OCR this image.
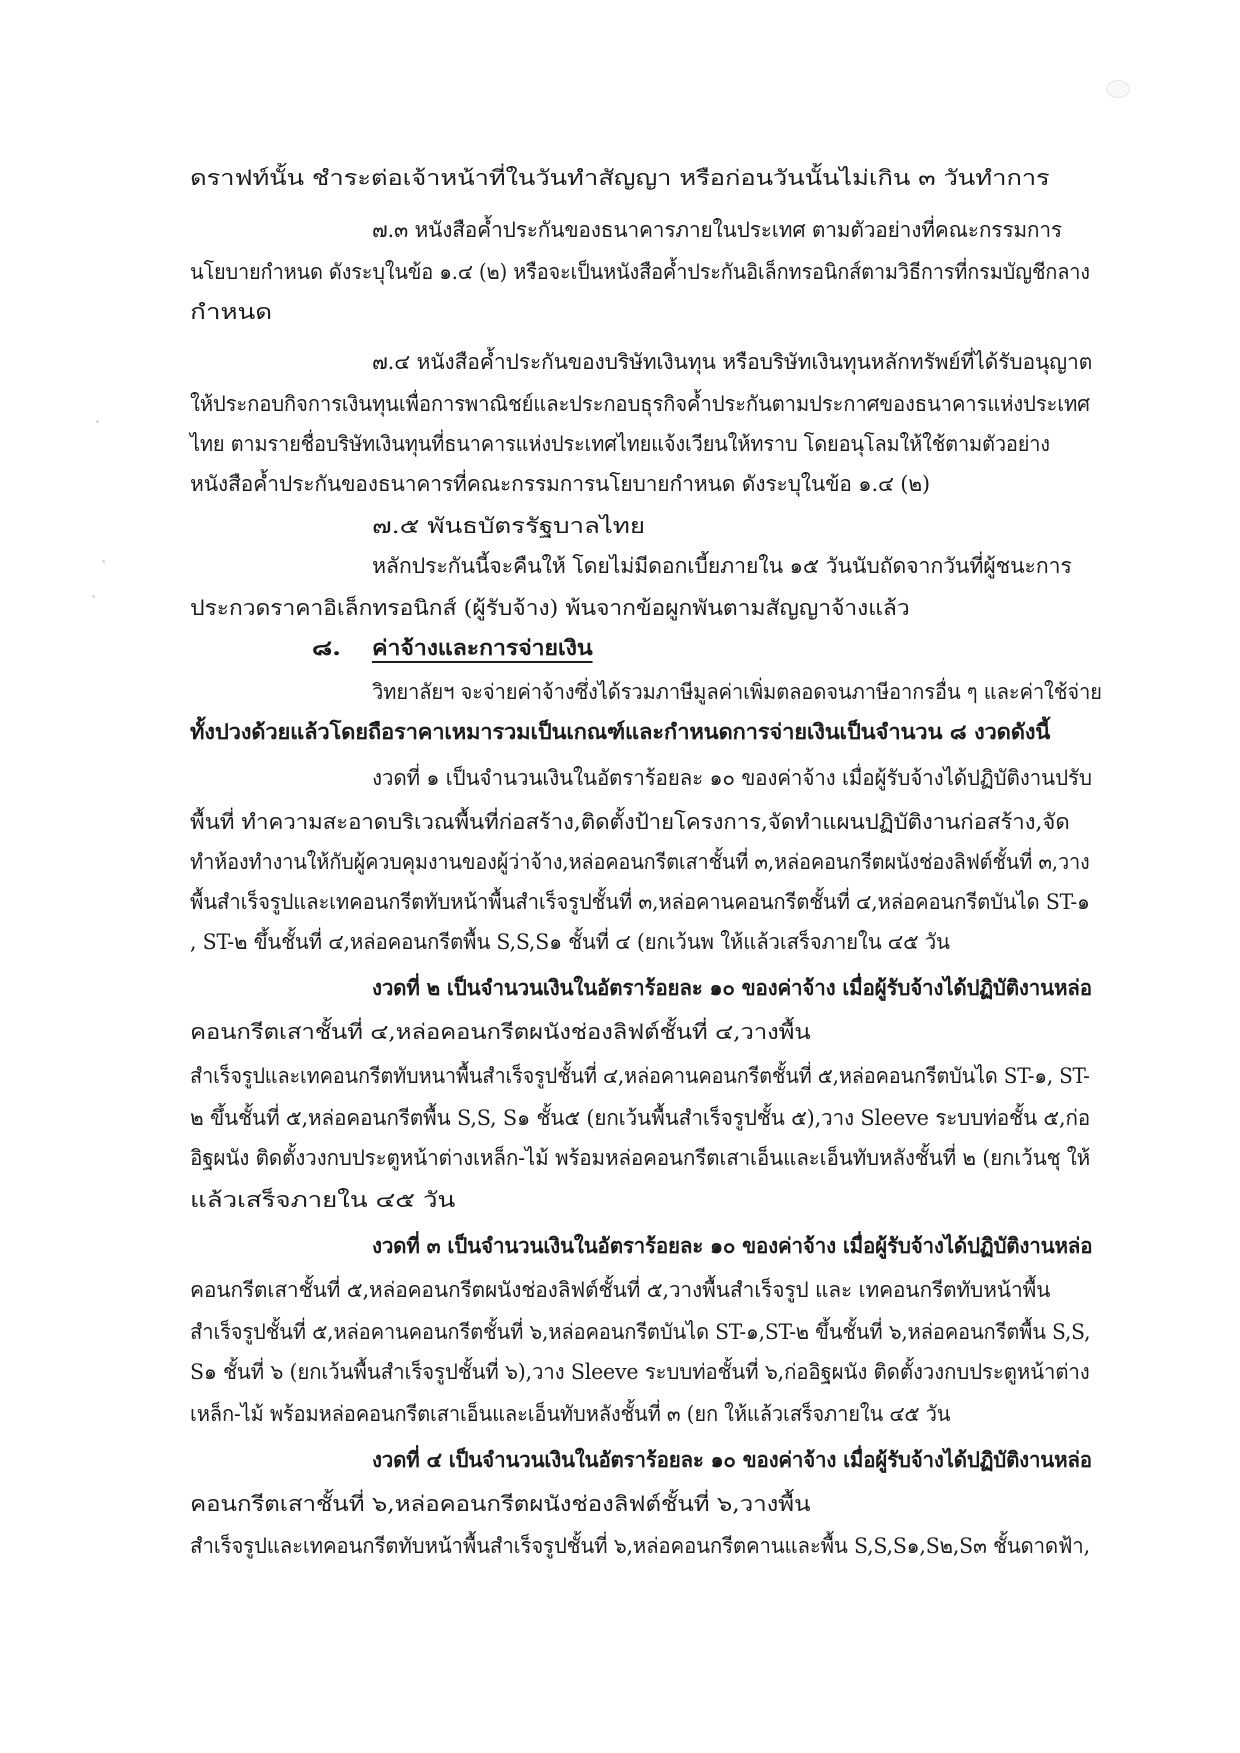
ดราฟท์นั้น ชำระต่อเจ้าหน้าที่ในวันทำสัญญา หรือก่อนวันนั้นไม่เกิน ๓ วันทำการ
๗.๓ หนังสือค้ำประกันของธนาคารภายในประเทศ ตามตัวอย่างที่คณะกรรมการ
นโยบายกำหนด ดังระบุในข้อ ๑.๔ (๒) หรือจะเป็นหนังสือค้ำประกันอิเล็กทรอนิกส์ตามวิธีการที่กรมบัญชีกลาง
กำหนด
๗.๔ หนังสือค้ำประกันของบริษัทเงินทุน หรือบริษัทเงินทุนหลักทรัพย์ที่ได้รับอนุญาต
ให้ประกอบกิจการเงินทุนเพื่อการพาณิชย์และประกอบธุรกิจค้ำประกันตามประกาศของธนาคารแห่งประเทศ
ไทย ตามรายชื่อบริษัทเงินทุนที่ธนาคารแห่งประเทศไทยแจ้งเวียนให้ทราบ โดยอนุโลมให้ใช้ตามตัวอย่าง
หนังสือค้ำประกันของธนาคารที่คณะกรรมการนโยบายกำหนด ดังระบุในข้อ ๑.๔ (๒)
๗.๕ พันธบัตรรัฐบาลไทย
หลักประกันนี้จะคืนให้ โดยไม่มีดอกเบี้ยภายใน ๑๕ วันนับถัดจากวันที่ผู้ชนะการ
ประกวดราคาอิเล็กทรอนิกส์ (ผู้รับจ้าง) พ้นจากข้อผูกพันตามสัญญาจ้างแล้ว
๘. ค่าจ้างและการจ่ายเงิน
วิทยาลัยฯ จะจ่ายค่าจ้างซึ่งได้รวมภาษีมูลค่าเพิ่มตลอดจนภาษีอากรอื่น ๆ และค่าใช้จ่าย
ทั้งปวงด้วยแล้วโดยถือราคาเหมารวมเป็นเกณฑ์และกำหนดการจ่ายเงินเป็นจำนวน ๘ งวดดังนี้
งวดที่ ๑ เป็นจำนวนเงินในอัตราร้อยละ ๑๐ ของค่าจ้าง เมื่อผู้รับจ้างได้ปฏิบัติงานปรับ
พื้นที่ ทำความสะอาดบริเวณพื้นที่ก่อสร้าง,ติดตั้งป้ายโครงการ,จัดทำแผนปฏิบัติงานก่อสร้าง,จัด
ทำห้องทำงานให้กับผู้ควบคุมงานของผู้ว่าจ้าง,หล่อคอนกรีตเสาชั้นที่ ๓,หล่อคอนกรีตผนังช่องลิฟต์ชั้นที่ ๓,วาง
พื้นสำเร็จรูปและเทคอนกรีตทับหน้าพื้นสำเร็จรูปชั้นที่ ๓,หล่อคานคอนกรีตชั้นที่ ๔,หล่อคอนกรีตบันได ST-๑
, ST-๒ ขึ้นชั้นที่ ๔,หล่อคอนกรีตพื้น S,S,S๑ ชั้นที่ ๔ (ยกเว้นพ ให้แล้วเสร็จภายใน ๔๕ วัน
งวดที่ ๒ เป็นจำนวนเงินในอัตราร้อยละ ๑๐ ของค่าจ้าง เมื่อผู้รับจ้างได้ปฏิบัติงานหล่อ
คอนกรีตเสาชั้นที่ ๔,หล่อคอนกรีตผนังช่องลิฟต์ชั้นที่ ๔,วางพื้น
สำเร็จรูปและเทคอนกรีตทับหนาพื้นสำเร็จรูปชั้นที่ ๔,หล่อคานคอนกรีตชั้นที่ ๕,หล่อคอนกรีตบันได ST-๑, ST-
๒ ขึ้นชั้นที่ ๕,หล่อคอนกรีตพื้น S,S, S๑ ชั้น๕ (ยกเว้นพื้นสำเร็จรูปชั้น ๕),วาง Sleeve ระบบท่อชั้น ๕,ก่อ
อิฐผนัง ติดตั้งวงกบประตูหน้าต่างเหล็ก-ไม้ พร้อมหล่อคอนกรีตเสาเอ็นและเอ็นทับหลังชั้นที่ ๒ (ยกเว้นชุ ให้
แล้วเสร็จภายใน ๔๕ วัน
งวดที่ ๓ เป็นจำนวนเงินในอัตราร้อยละ ๑๐ ของค่าจ้าง เมื่อผู้รับจ้างได้ปฏิบัติงานหล่อ
คอนกรีตเสาชั้นที่ ๕,หล่อคอนกรีตผนังช่องลิฟต์ชั้นที่ ๕,วางพื้นสำเร็จรูป และ เทคอนกรีตทับหน้าพื้น
สำเร็จรูปชั้นที่ ๕,หล่อคานคอนกรีตชั้นที่ ๖,หล่อคอนกรีตบันได ST-๑,ST-๒ ขึ้นชั้นที่ ๖,หล่อคอนกรีตพื้น S,S,
S๑ ชั้นที่ ๖ (ยกเว้นพื้นสำเร็จรูปชั้นที่ ๖),วาง Sleeve ระบบท่อชั้นที่ ๖,ก่ออิฐผนัง ติดตั้งวงกบประตูหน้าต่าง
เหล็ก-ไม้ พร้อมหล่อคอนกรีตเสาเอ็นและเอ็นทับหลังชั้นที่ ๓ (ยก ให้แล้วเสร็จภายใน ๔๕ วัน
งวดที่ ๔ เป็นจำนวนเงินในอัตราร้อยละ ๑๐ ของค่าจ้าง เมื่อผู้รับจ้างได้ปฏิบัติงานหล่อ
คอนกรีตเสาชั้นที่ ๖,หล่อคอนกรีตผนังช่องลิฟต์ชั้นที่ ๖,วางพื้น
สำเร็จรูปและเทคอนกรีตทับหน้าพื้นสำเร็จรูปชั้นที่ ๖,หล่อคอนกรีตคานและพื้น S,S,S๑,S๒,S๓ ชั้นดาดฟ้า,
